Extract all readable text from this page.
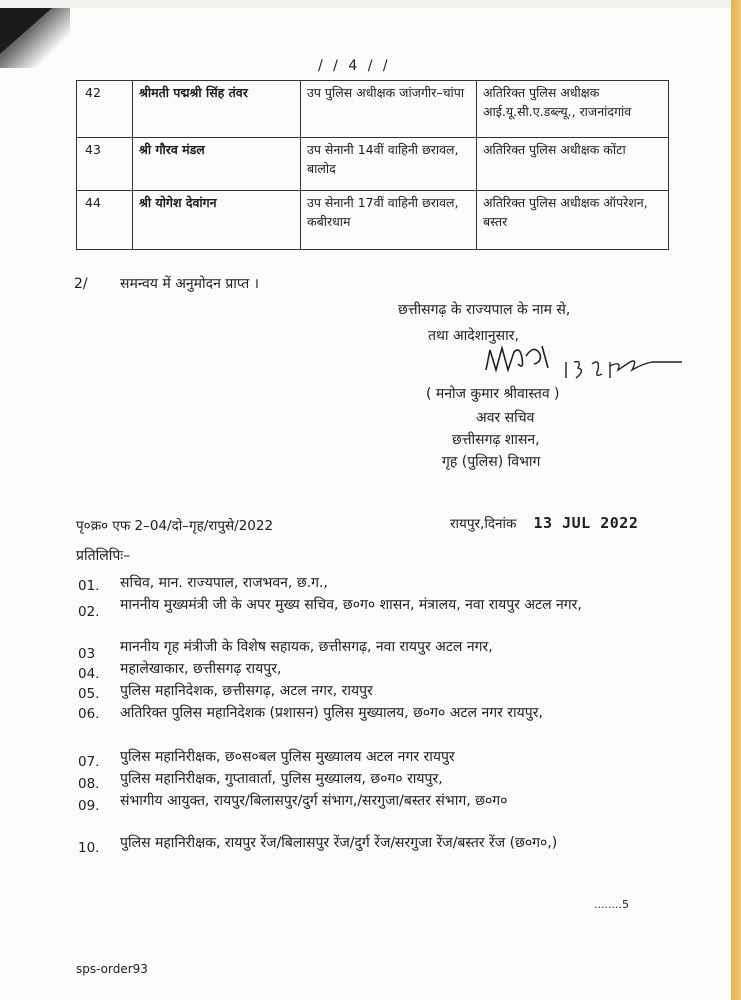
/ / 4 / /
42	श्रीमती पद्मश्री सिंह तंवर	उप पुलिस अधीक्षक जांजगीर–चांपा	अतिरिक्त पुलिस अधीक्षक आई.यू.सी.ए.डब्ल्यू., राजनांदगांव
43	श्री गौरव मंडल	उप सेनानी 14वीं वाहिनी छरावल, बालोद	अतिरिक्त पुलिस अधीक्षक कोंटा
44	श्री योगेश देवांगन	उप सेनानी 17वीं वाहिनी छरावल, कबीरधाम	अतिरिक्त पुलिस अधीक्षक ऑपरेशन, बस्तर
2/ समन्वय में अनुमोदन प्राप्त ।
छत्तीसगढ़ के राज्यपाल के नाम से,
तथा आदेशानुसार,
( मनोज कुमार श्रीवास्तव )
अवर सचिव
छत्तीसगढ़ शासन,
गृह (पुलिस) विभाग
पृ०क्र० एफ 2–04/दो–गृह/रापुसे/2022	रायपुर,दिनांक 13 JUL 2022
प्रतिलिपिः–
01. सचिव, मान. राज्यपाल, राजभवन, छ.ग.,
02. माननीय मुख्यमंत्री जी के अपर मुख्य सचिव, छ०ग० शासन, मंत्रालय, नवा रायपुर अटल नगर,
03 माननीय गृह मंत्रीजी के विशेष सहायक, छत्तीसगढ़, नवा रायपुर अटल नगर,
04. महालेखाकार, छत्तीसगढ़ रायपुर,
05. पुलिस महानिदेशक, छत्तीसगढ़, अटल नगर, रायपुर
06. अतिरिक्त पुलिस महानिदेशक (प्रशासन) पुलिस मुख्यालय, छ०ग० अटल नगर रायपुर,
07. पुलिस महानिरीक्षक, छ०स०बल पुलिस मुख्यालय अटल नगर रायपुर
08. पुलिस महानिरीक्षक, गुप्तावार्ता, पुलिस मुख्यालय, छ०ग० रायपुर,
09. संभागीय आयुक्त, रायपुर/बिलासपुर/दुर्ग संभाग,/सरगुजा/बस्तर संभाग, छ०ग०
10. पुलिस महानिरीक्षक, रायपुर रेंज/बिलासपुर रेंज/दुर्ग रेंज/सरगुजा रेंज/बस्तर रेंज (छ०ग०,)
........5
sps-order93
